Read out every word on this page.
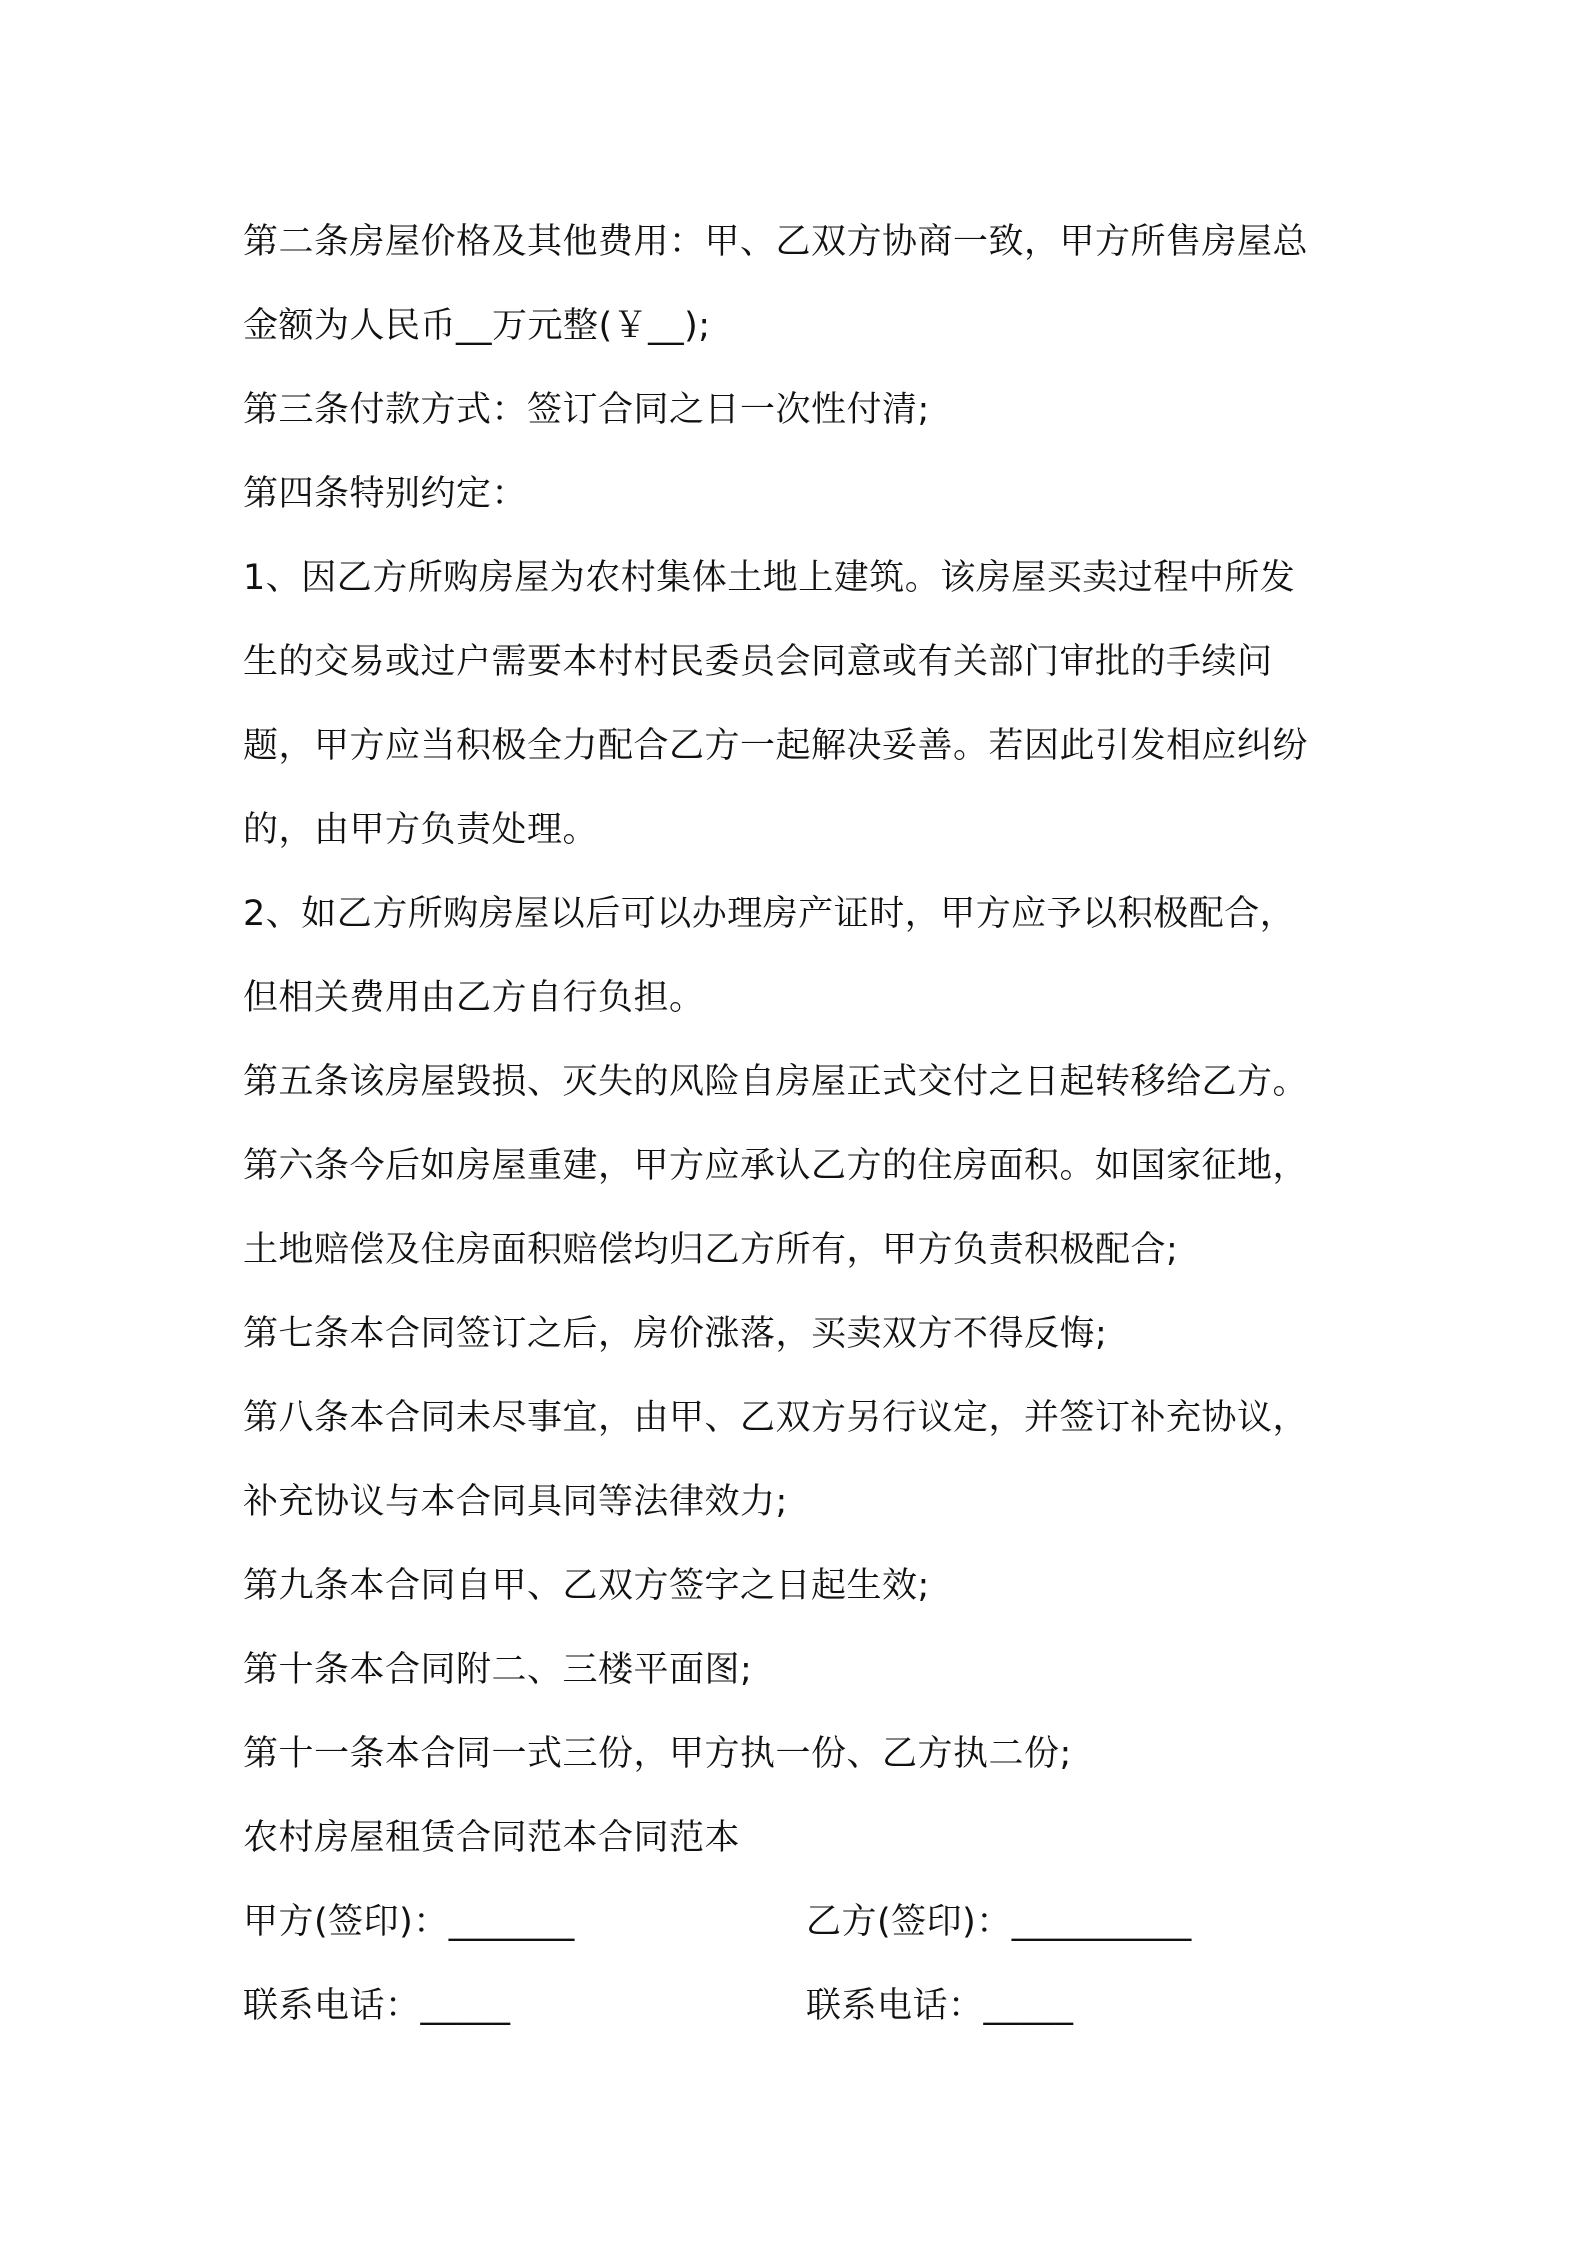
第二条房屋价格及其他费用：甲、乙双方协商一致，甲方所售房屋总

金额为人民币__万元整(￥__);

第三条付款方式：签订合同之日一次性付清;

第四条特别约定：

1、因乙方所购房屋为农村集体土地上建筑。该房屋买卖过程中所发

生的交易或过户需要本村村民委员会同意或有关部门审批的手续问

题，甲方应当积极全力配合乙方一起解决妥善。若因此引发相应纠纷

的，由甲方负责处理。

2、如乙方所购房屋以后可以办理房产证时，甲方应予以积极配合，

但相关费用由乙方自行负担。

第五条该房屋毁损、灭失的风险自房屋正式交付之日起转移给乙方。

第六条今后如房屋重建，甲方应承认乙方的住房面积。如国家征地，

土地赔偿及住房面积赔偿均归乙方所有，甲方负责积极配合;

第七条本合同签订之后，房价涨落，买卖双方不得反悔;

第八条本合同未尽事宜，由甲、乙双方另行议定，并签订补充协议，

补充协议与本合同具同等法律效力;

第九条本合同自甲、乙双方签字之日起生效;

第十条本合同附二、三楼平面图;

第十一条本合同一式三份，甲方执一份、乙方执二份;

农村房屋租赁合同范本合同范本

甲方(签印)：_______	乙方(签印)：__________
联系电话：_____	联系电话：_____
